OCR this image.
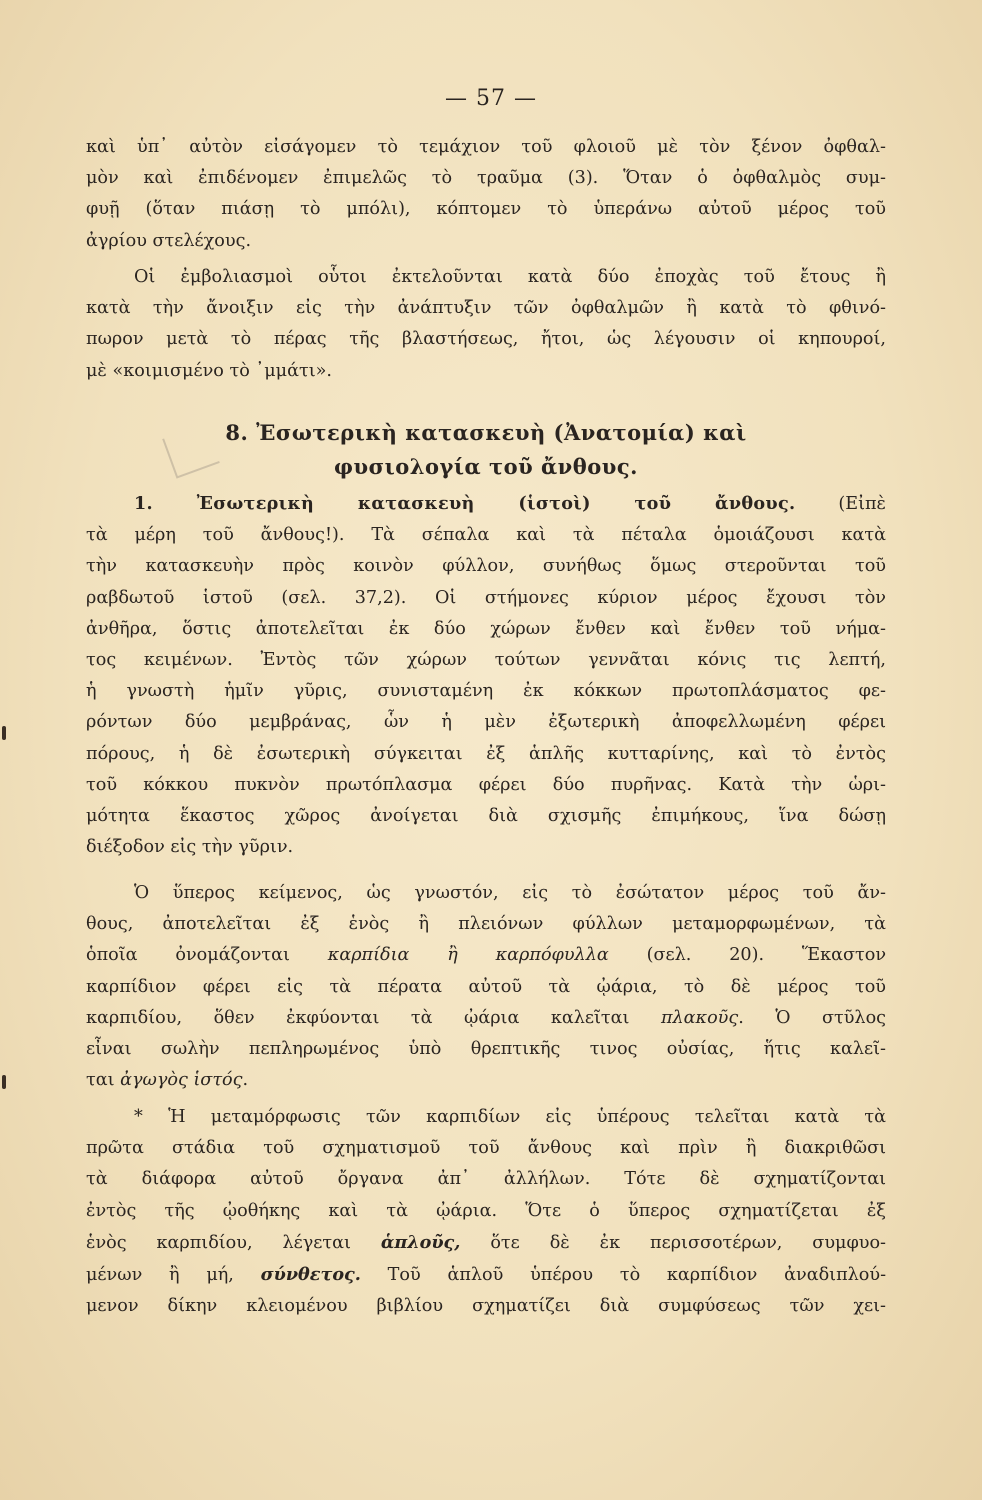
— 57 —
καὶ ὑπ᾿ αὐτὸν εἰσάγομεν τὸ τεμάχιον τοῦ φλοιοῦ μὲ τὸν ξένον ὀφθαλ-
μὸν καὶ ἐπιδένομεν ἐπιμελῶς τὸ τραῦμα (3). Ὅταν ὁ ὀφθαλμὸς συμ-
φυῇ (ὅταν πιάσῃ τὸ μπόλι), κόπτομεν τὸ ὑπεράνω αὐτοῦ μέρος τοῦ
ἀγρίου στελέχους.
Οἱ ἐμβολιασμοὶ οὗτοι ἐκτελοῦνται κατὰ δύο ἐποχὰς τοῦ ἔτους ἢ
κατὰ τὴν ἄνοιξιν εἰς τὴν ἀνάπτυξιν τῶν ὀφθαλμῶν ἢ κατὰ τὸ φθινό-
πωρον μετὰ τὸ πέρας τῆς βλαστήσεως, ἤτοι, ὡς λέγουσιν οἱ κηπουροί,
μὲ «κοιμισμένο τὸ ᾽μμάτι».
8. Ἐσωτερικὴ κατασκευὴ (Ἀνατομία) καὶ
φυσιολογία τοῦ ἄνθους.
1. Ἐσωτερικὴ κατασκευὴ (ἱστοὶ) τοῦ ἄνθους. (Εἰπὲ
τὰ μέρη τοῦ ἄνθους!). Τὰ σέπαλα καὶ τὰ πέταλα ὁμοιάζουσι κατὰ
τὴν κατασκευὴν πρὸς κοινὸν φύλλον, συνήθως ὅμως στεροῦνται τοῦ
ραβδωτοῦ ἱστοῦ (σελ. 37,2). Οἱ στήμονες κύριον μέρος ἔχουσι τὸν
ἀνθῆρα, ὅστις ἀποτελεῖται ἐκ δύο χώρων ἔνθεν καὶ ἔνθεν τοῦ νήμα-
τος κειμένων. Ἐντὸς τῶν χώρων τούτων γεννᾶται κόνις τις λεπτή,
ἡ γνωστὴ ἡμῖν γῦρις, συνισταμένη ἐκ κόκκων πρωτοπλάσματος φε-
ρόντων δύο μεμβράνας, ὧν ἡ μὲν ἐξωτερικὴ ἀποφελλωμένη φέρει
πόρους, ἡ δὲ ἐσωτερικὴ σύγκειται ἐξ ἁπλῆς κυτταρίνης, καὶ τὸ ἐντὸς
τοῦ κόκκου πυκνὸν πρωτόπλασμα φέρει δύο πυρῆνας. Κατὰ τὴν ὡρι-
μότητα ἕκαστος χῶρος ἀνοίγεται διὰ σχισμῆς ἐπιμήκους, ἵνα δώσῃ
διέξοδον εἰς τὴν γῦριν.
Ὁ ὕπερος κείμενος, ὡς γνωστόν, εἰς τὸ ἐσώτατον μέρος τοῦ ἄν-
θους, ἀποτελεῖται ἐξ ἑνὸς ἢ πλειόνων φύλλων μεταμορφωμένων, τὰ
ὁποῖα ὀνομάζονται καρπίδια ἢ καρπόφυλλα (σελ. 20). Ἕκαστον
καρπίδιον φέρει εἰς τὰ πέρατα αὐτοῦ τὰ ᾠάρια, τὸ δὲ μέρος τοῦ
καρπιδίου, ὅθεν ἐκφύονται τὰ ᾠάρια καλεῖται πλακοῦς. Ὁ στῦλος
εἶναι σωλὴν πεπληρωμένος ὑπὸ θρεπτικῆς τινος οὐσίας, ἥτις καλεῖ-
ται ἀγωγὸς ἱστός.
* Ἡ μεταμόρφωσις τῶν καρπιδίων εἰς ὑπέρους τελεῖται κατὰ τὰ
πρῶτα στάδια τοῦ σχηματισμοῦ τοῦ ἄνθους καὶ πρὶν ἢ διακριθῶσι
τὰ διάφορα αὐτοῦ ὄργανα ἀπ᾿ ἀλλήλων. Τότε δὲ σχηματίζονται
ἐντὸς τῆς ᾠοθήκης καὶ τὰ ᾠάρια. Ὅτε ὁ ὕπερος σχηματίζεται ἐξ
ἑνὸς καρπιδίου, λέγεται ἁπλοῦς, ὅτε δὲ ἐκ περισσοτέρων, συμφυο-
μένων ἢ μή, σύνθετος. Τοῦ ἁπλοῦ ὑπέρου τὸ καρπίδιον ἀναδιπλού-
μενον δίκην κλειομένου βιβλίου σχηματίζει διὰ συμφύσεως τῶν χει-
